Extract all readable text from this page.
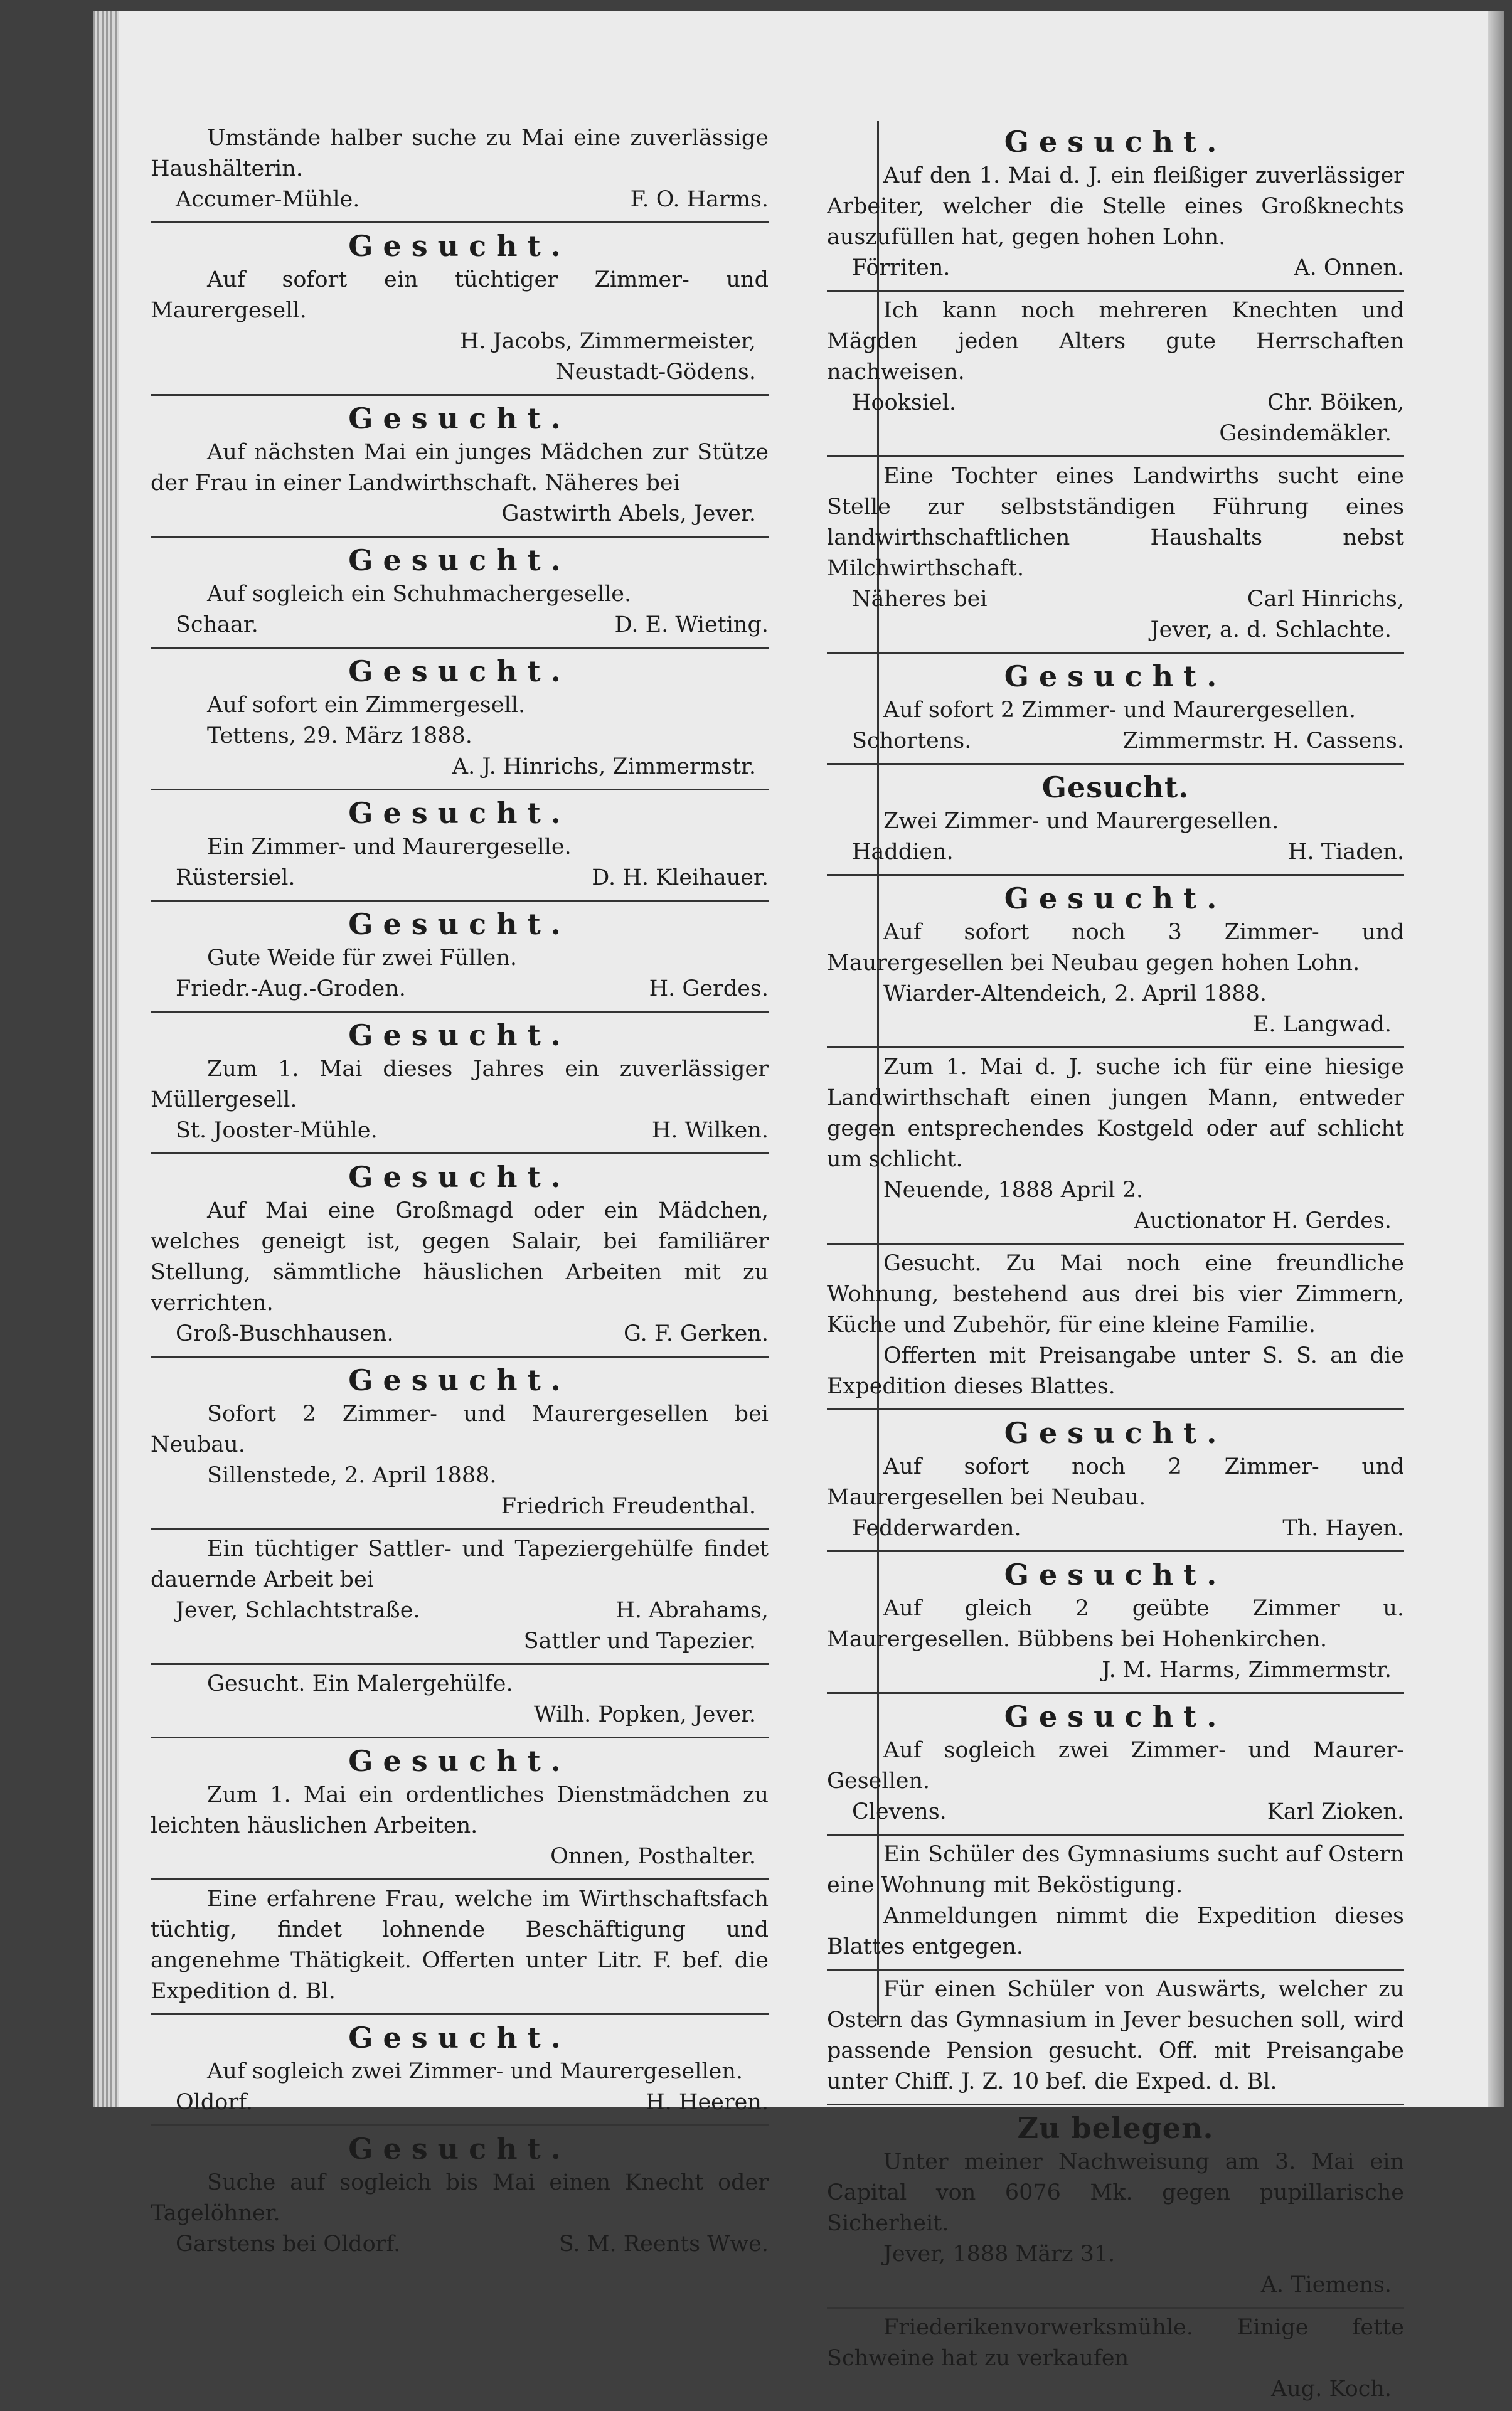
Umstände halber suche zu Mai eine zuverlässige Haushälterin.

Accumer-Mühle.	F. O. Harms.
Gesucht.

Auf sofort ein tüchtiger Zimmer- und Maurergesell.

H. Jacobs, Zimmermeister,
Neustadt-Gödens.
Gesucht.

Auf nächsten Mai ein junges Mädchen zur Stütze der Frau in einer Landwirthschaft. Näheres bei

Gastwirth Abels, Jever.
Gesucht.

Auf sogleich ein Schuhmachergeselle.

Schaar.	D. E. Wieting.
Gesucht.

Auf sofort ein Zimmergesell.

Tettens, 29. März 1888.

A. J. Hinrichs, Zimmermstr.
Gesucht.

Ein Zimmer- und Maurergeselle.

Rüstersiel.	D. H. Kleihauer.
Gesucht.

Gute Weide für zwei Füllen.

Friedr.-Aug.-Groden.	H. Gerdes.
Gesucht.

Zum 1. Mai dieses Jahres ein zuverlässiger Müllergesell.

St. Jooster-Mühle.	H. Wilken.
Gesucht.

Auf Mai eine Großmagd oder ein Mädchen, welches geneigt ist, gegen Salair, bei familiärer Stellung, sämmtliche häuslichen Arbeiten mit zu verrichten.

Groß-Buschhausen.	G. F. Gerken.
Gesucht.

Sofort 2 Zimmer- und Maurergesellen bei Neubau.

Sillenstede, 2. April 1888.

Friedrich Freudenthal.

Ein tüchtiger Sattler- und Tapeziergehülfe findet dauernde Arbeit bei

Jever, Schlachtstraße.	H. Abrahams,
Sattler und Tapezier.

Gesucht. Ein Malergehülfe.

Wilh. Popken, Jever.
Gesucht.

Zum 1. Mai ein ordentliches Dienstmädchen zu leichten häuslichen Arbeiten.

Onnen, Posthalter.

Eine erfahrene Frau, welche im Wirthschaftsfach tüchtig, findet lohnende Beschäftigung und angenehme Thätigkeit. Offerten unter Litr. F. bef. die Expedition d. Bl.

Gesucht.

Auf sogleich zwei Zimmer- und Maurergesellen.

Oldorf.	H. Heeren.
Gesucht.

Suche auf sogleich bis Mai einen Knecht oder Tagelöhner.

Garstens bei Oldorf.	S. M. Reents Wwe.
Gesucht.

Auf den 1. Mai d. J. ein fleißiger zuverlässiger Arbeiter, welcher die Stelle eines Großknechts auszufüllen hat, gegen hohen Lohn.

Förriten.	A. Onnen.

Ich kann noch mehreren Knechten und Mägden jeden Alters gute Herrschaften nachweisen.

Hooksiel.	Chr. Böiken,
Gesindemäkler.

Eine Tochter eines Landwirths sucht eine Stelle zur selbstständigen Führung eines landwirthschaftlichen Haushalts nebst Milchwirthschaft.

Näheres bei	Carl Hinrichs,
Jever, a. d. Schlachte.
Gesucht.

Auf sofort 2 Zimmer- und Maurergesellen.

Schortens.	Zimmermstr. H. Cassens.
Gesucht.

Zwei Zimmer- und Maurergesellen.

Haddien.	H. Tiaden.
Gesucht.

Auf sofort noch 3 Zimmer- und Maurergesellen bei Neubau gegen hohen Lohn.

Wiarder-Altendeich, 2. April 1888.

E. Langwad.

Zum 1. Mai d. J. suche ich für eine hiesige Landwirthschaft einen jungen Mann, entweder gegen entsprechendes Kostgeld oder auf schlicht um schlicht.

Neuende, 1888 April 2.

Auctionator H. Gerdes.

Gesucht. Zu Mai noch eine freundliche Wohnung, bestehend aus drei bis vier Zimmern, Küche und Zubehör, für eine kleine Familie.

Offerten mit Preisangabe unter S. S. an die Expedition dieses Blattes.

Gesucht.

Auf sofort noch 2 Zimmer- und Maurergesellen bei Neubau.

Fedderwarden.	Th. Hayen.
Gesucht.

Auf gleich 2 geübte Zimmer u. Maurergesellen. Bübbens bei Hohenkirchen.

J. M. Harms, Zimmermstr.
Gesucht.

Auf sogleich zwei Zimmer- und Maurer-Gesellen.

Clevens.	Karl Zioken.

Ein Schüler des Gymnasiums sucht auf Ostern eine Wohnung mit Beköstigung.

Anmeldungen nimmt die Expedition dieses Blattes entgegen.

Für einen Schüler von Auswärts, welcher zu Ostern das Gymnasium in Jever besuchen soll, wird passende Pension gesucht. Off. mit Preisangabe unter Chiff. J. Z. 10 bef. die Exped. d. Bl.

Zu belegen.

Unter meiner Nachweisung am 3. Mai ein Capital von 6076 Mk. gegen pupillarische Sicherheit.

Jever, 1888 März 31.

A. Tiemens.

Friederikenvorwerksmühle. Einige fette Schweine hat zu verkaufen

Aug. Koch.
